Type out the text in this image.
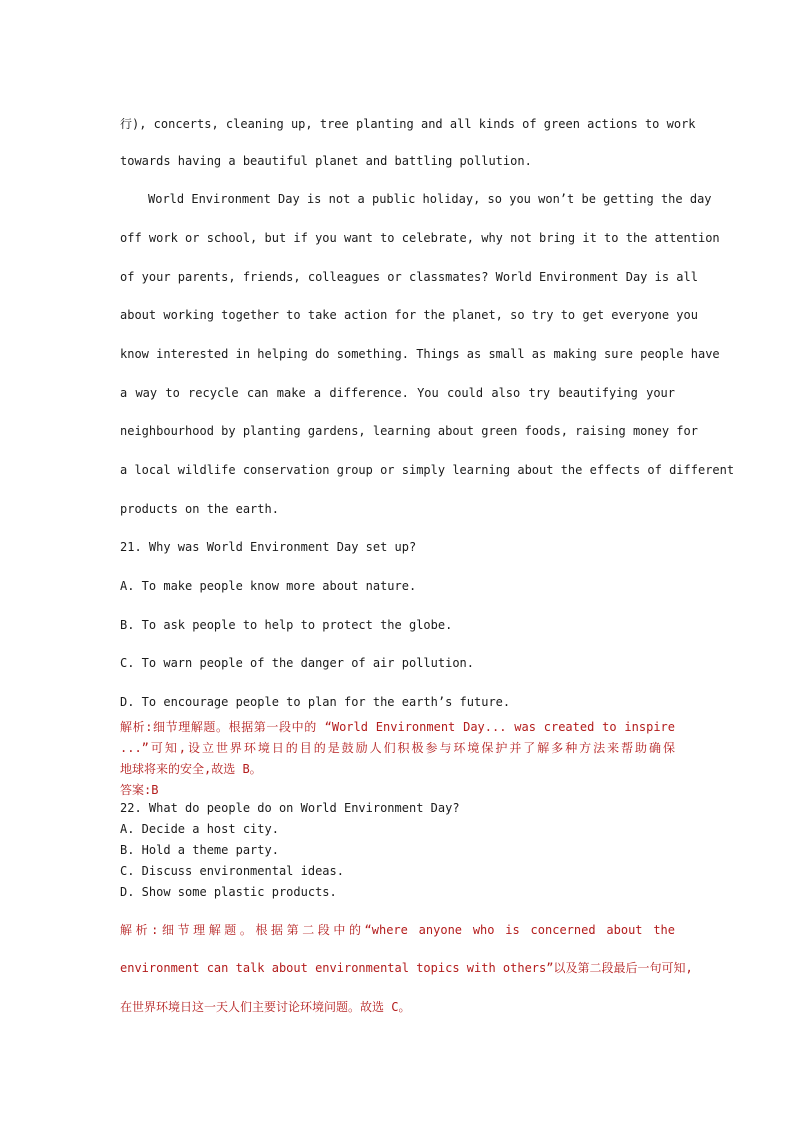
行), concerts, cleaning up, tree planting and all kinds of green actions to work
towards having a beautiful planet and battling pollution.
World Environment Day is not a public holiday, so you won’t be getting the day
off work or school, but if you want to celebrate, why not bring it to the attention
of your parents, friends, colleagues or classmates? World Environment Day is all
about working together to take action for the planet, so try to get everyone you
know interested in helping do something. Things as small as making sure people have
a way to recycle can make a difference. You could also try beautifying your
neighbourhood by planting gardens, learning about green foods, raising money for
a local wildlife conservation group or simply learning about the effects of different
products on the earth.
21. Why was World Environment Day set up?
A. To make people know more about nature.
B. To ask people to help to protect the globe.
C. To warn people of the danger of air pollution.
D. To encourage people to plan for the earth’s future.
解析:细节理解题。根据第一段中的 “World Environment Day... was created to inspire
...”可知,设立世界环境日的目的是鼓励人们积极参与环境保护并了解多种方法来帮助确保
地球将来的安全,故选 B。
答案:B
22. What do people do on World Environment Day?
A. Decide a host city.
B. Hold a theme party.
C. Discuss environmental ideas.
D. Show some plastic products.
解析:细节理解题。根据第二段中的“where anyone who is concerned about the
environment can talk about environmental topics with others”以及第二段最后一句可知,
在世界环境日这一天人们主要讨论环境问题。故选 C。
